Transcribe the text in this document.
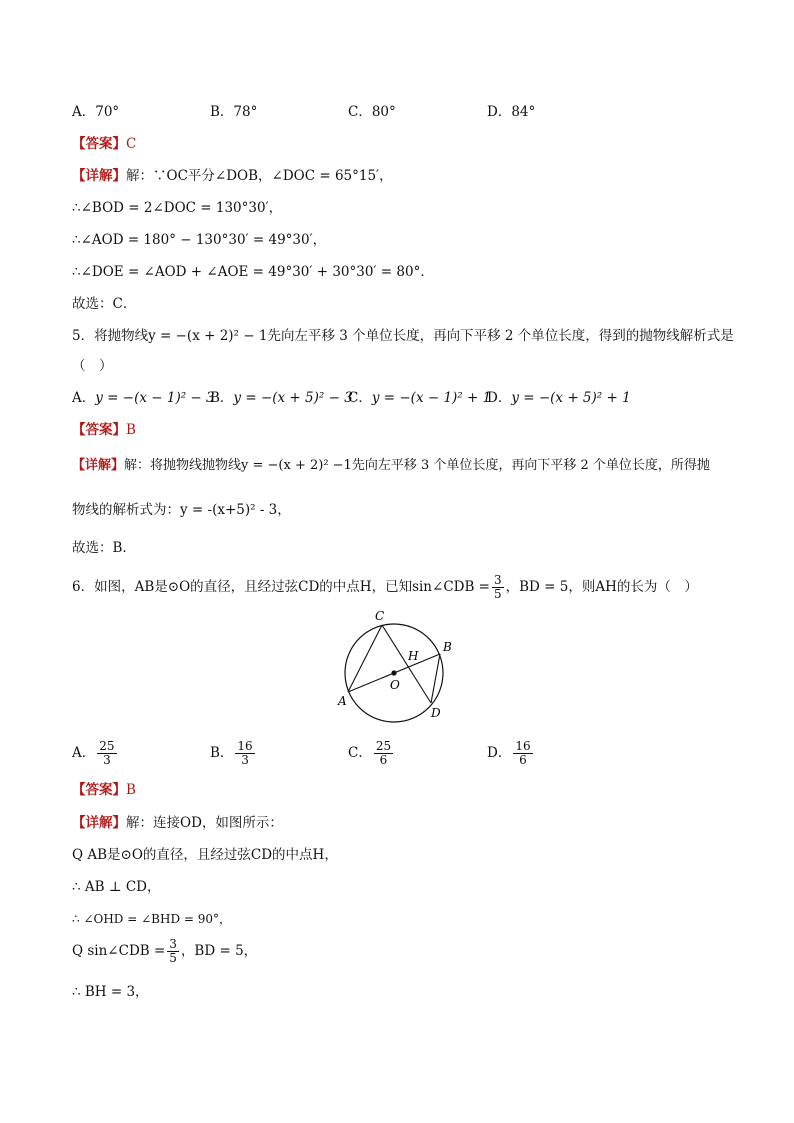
A．70°	B．78°	C．80°	D．84°
【答案】C
【详解】解：∵OC平分∠DOB，∠DOC = 65°15′，
∴∠BOD = 2∠DOC = 130°30′，
∴∠AOD = 180° − 130°30′ = 49°30′，
∴∠DOE = ∠AOD + ∠AOE = 49°30′ + 30°30′ = 80°．
故选：C．
5．将抛物线y = −(x + 2)² − 1先向左平移 3 个单位长度，再向下平移 2 个单位长度，得到的抛物线解析式是
（　）
A．y = −(x − 1)² − 3
B．y = −(x + 5)² − 3
C．y = −(x − 1)² + 1
D．y = −(x + 5)² + 1
【答案】B
【详解】解：将抛物线抛物线y = −(x + 2)² −1先向左平移 3 个单位长度，再向下平移 2 个单位长度，所得抛
物线的解析式为：y = -(x+5)² - 3，
故选：B．
6．如图，AB是⊙O的直径，且经过弦CD的中点H，已知sin∠CDB = $\frac{3}{5}$ ，BD = 5，则AH的长为（　）
C
B
H
O
A
D
A． $\frac{25}{3}$	B． $\frac{16}{3}$	C． $\frac{25}{6}$	D． $\frac{16}{6}$
【答案】B
【详解】解：连接OD，如图所示：
Q AB是⊙O的直径，且经过弦CD的中点H，
∴ AB ⊥ CD，
∴ ∠OHD = ∠BHD = 90°，
Q sin∠CDB = $\frac{3}{5}$ ，BD = 5，
∴ BH = 3，
